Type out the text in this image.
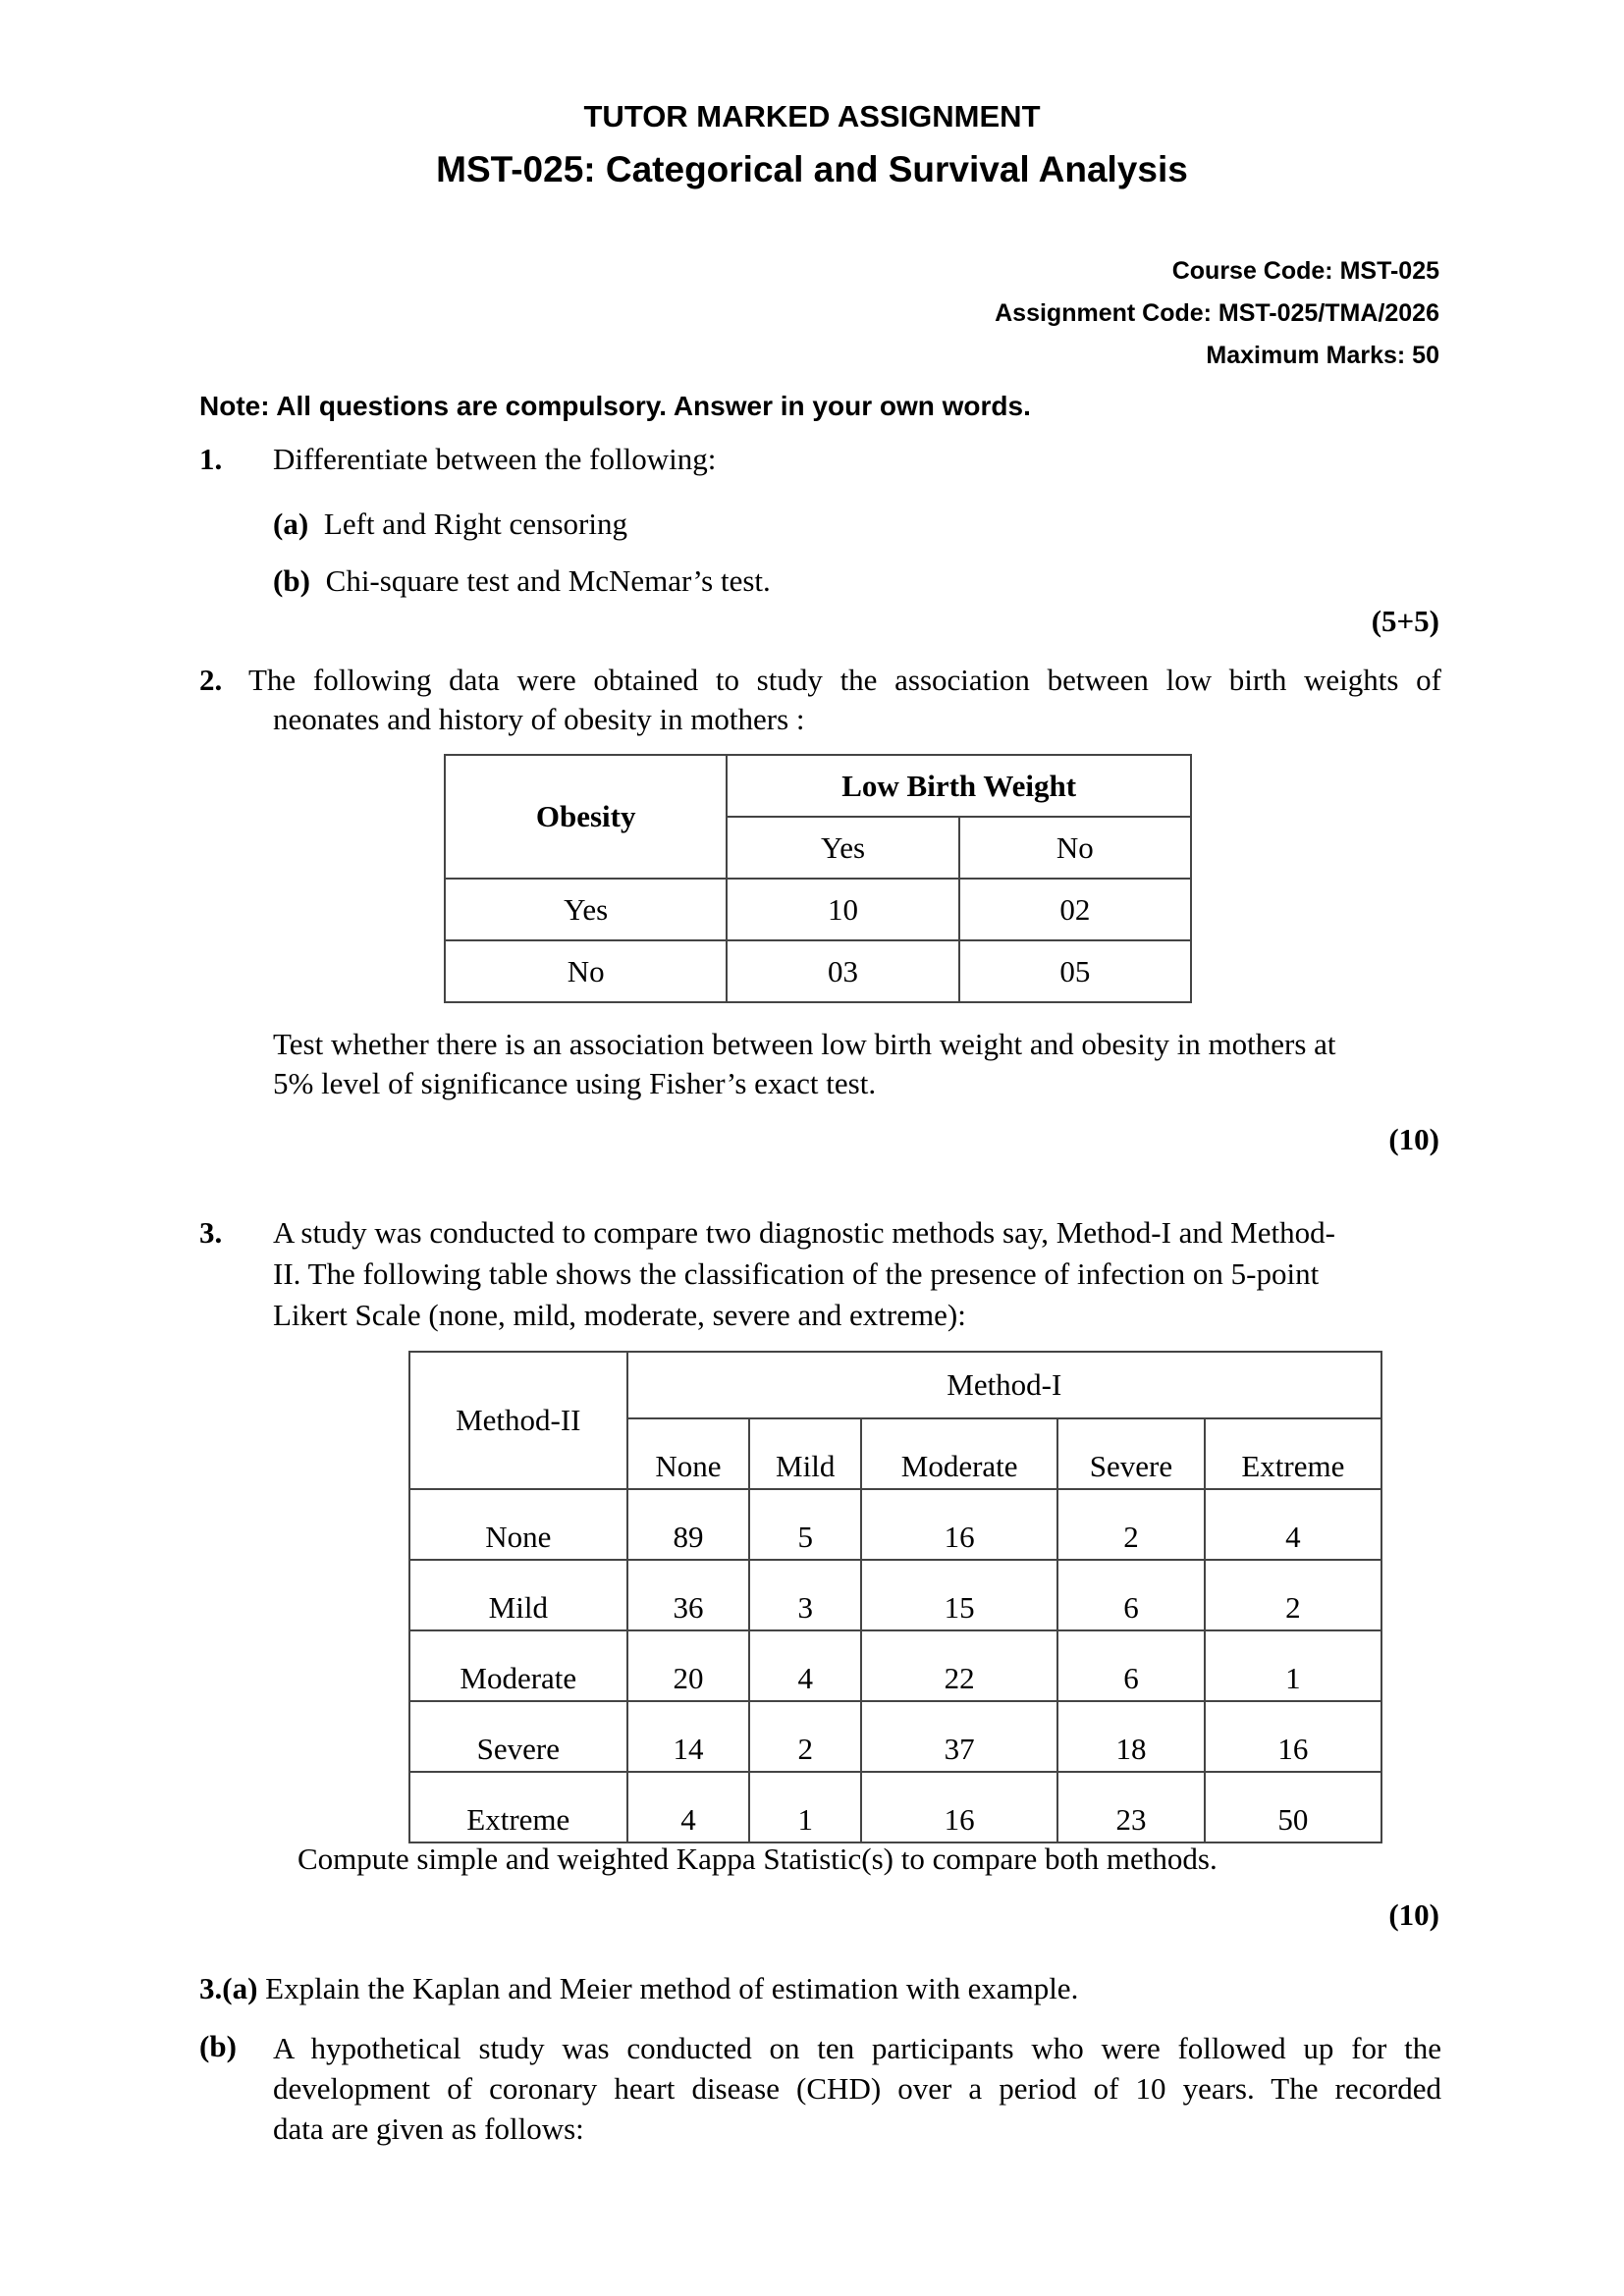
TUTOR MARKED ASSIGNMENT
MST-025: Categorical and Survival Analysis
Course Code: MST-025
Assignment Code: MST-025/TMA/2026
Maximum Marks: 50
Note: All questions are compulsory. Answer in your own words.
1. Differentiate between the following:
(a) Left and Right censoring
(b) Chi-square test and McNemar’s test.
(5+5)
2. The following data were obtained to study the association between low birth weights of
neonates and history of obesity in mothers :
Obesity	Low Birth Weight	
	Yes	No
Yes	10	02
No	03	05
Test whether there is an association between low birth weight and obesity in mothers at
5% level of significance using Fisher’s exact test.
(10)
3. A study was conducted to compare two diagnostic methods say, Method-I and Method-
II. The following table shows the classification of the presence of infection on 5-point
Likert Scale (none, mild, moderate, severe and extreme):
Method-II	Method-I				
	None	Mild	Moderate	Severe	Extreme
None	89	5	16	2	4
Mild	36	3	15	6	2
Moderate	20	4	22	6	1
Severe	14	2	37	18	16
Extreme	4	1	16	23	50
Compute simple and weighted Kappa Statistic(s) to compare both methods.
(10)
3.(a) Explain the Kaplan and Meier method of estimation with example.
(b) A hypothetical study was conducted on ten participants who were followed up for the
development of coronary heart disease (CHD) over a period of 10 years. The recorded
data are given as follows:
